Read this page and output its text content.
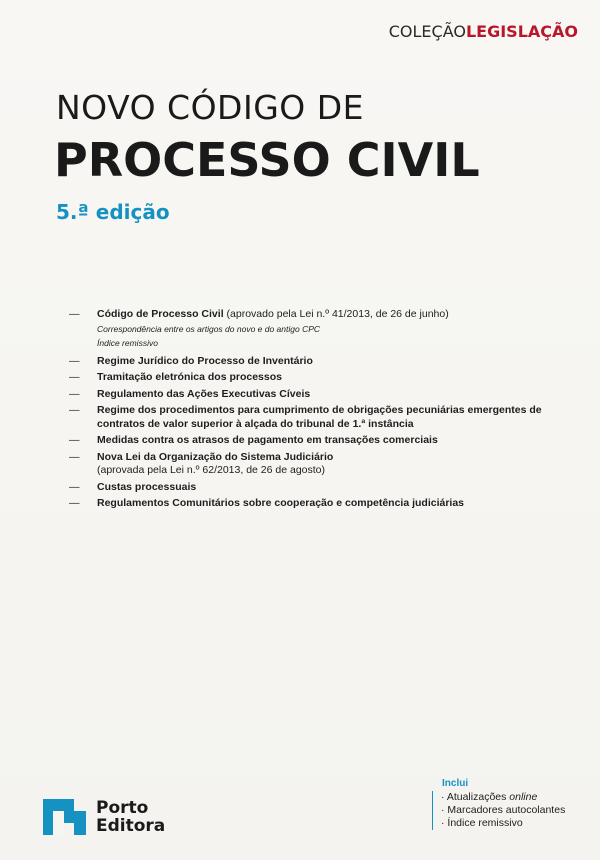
COLEÇÃOLEGISLAÇÃO
NOVO CÓDIGO DE
PROCESSO CIVIL
5.ª edição
—	Código de Processo Civil (aprovado pela Lei n.º 41/2013, de 26 de junho)
Correspondência entre os artigos do novo e do antigo CPC
Índice remissivo
—	Regime Jurídico do Processo de Inventário
—	Tramitação eletrónica dos processos
—	Regulamento das Ações Executivas Cíveis
—	Regime dos procedimentos para cumprimento de obrigações pecuniárias emergentes de contratos de valor superior à alçada do tribunal de 1.ª instância
—	Medidas contra os atrasos de pagamento em transações comerciais
—	Nova Lei da Organização do Sistema Judiciário
(aprovada pela Lei n.º 62/2013, de 26 de agosto)
—	Custas processuais
—	Regulamentos Comunitários sobre cooperação e competência judiciárias
Porto
Editora
Inclui
· Atualizações online
· Marcadores autocolantes
· Índice remissivo
